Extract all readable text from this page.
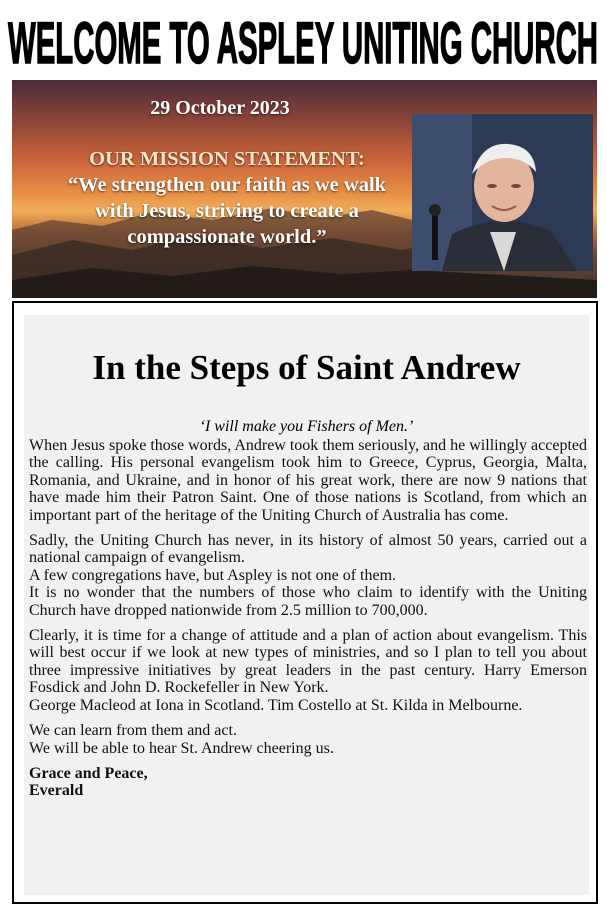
WELCOME TO ASPLEY UNITING CHURCH
29 October 2023
OUR MISSION STATEMENT:
“We strengthen our faith as we walk
with Jesus, striving to create a
compassionate world.”
In the Steps of Saint Andrew
‘I will make you Fishers of Men.’

When Jesus spoke those words, Andrew took them seriously, and he willingly accepted the calling. His personal evangelism took him to Greece, Cyprus, Georgia, Malta, Romania, and Ukraine, and in honor of his great work, there are now 9 nations that have made him their Patron Saint. One of those nations is Scotland, from which an important part of the heritage of the Uniting Church of Australia has come.

Sadly, the Uniting Church has never, in its history of almost 50 years, carried out a national campaign of evangelism.
A few congregations have, but Aspley is not one of them.
It is no wonder that the numbers of those who claim to identify with the Uniting Church have dropped nationwide from 2.5 million to 700,000.

Clearly, it is time for a change of attitude and a plan of action about evangelism. This will best occur if we look at new types of ministries, and so I plan to tell you about three impressive initiatives by great leaders in the past century. Harry Emerson Fosdick and John D. Rockefeller in New York.
George Macleod at Iona in Scotland. Tim Costello at St. Kilda in Melbourne.

We can learn from them and act.
We will be able to hear St. Andrew cheering us.

Grace and Peace,
Everald
